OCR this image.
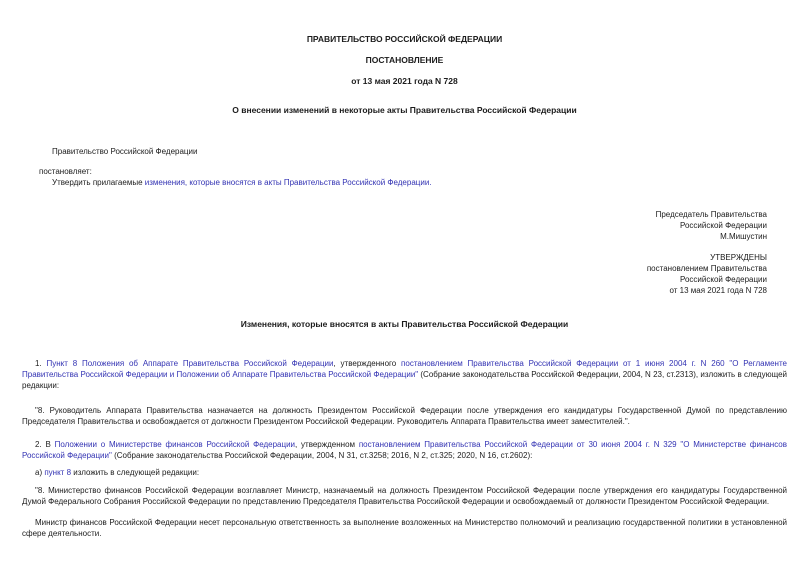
ПРАВИТЕЛЬСТВО РОССИЙСКОЙ ФЕДЕРАЦИИ

ПОСТАНОВЛЕНИЕ

от 13 мая 2021 года N 728

О внесении изменений в некоторые акты Правительства Российской Федерации

Правительство Российской Федерации

постановляет:

Утвердить прилагаемые изменения, которые вносятся в акты Правительства Российской Федерации.

Председатель Правительства

Российской Федерации

М.Мишустин

УТВЕРЖДЕНЫ

постановлением Правительства

Российской Федерации

от 13 мая 2021 года N 728

Изменения, которые вносятся в акты Правительства Российской Федерации

1. Пункт 8 Положения об Аппарате Правительства Российской Федерации, утвержденного постановлением Правительства Российской Федерации от 1 июня 2004 г. N 260 "О Регламенте Правительства Российской Федерации и Положении об Аппарате Правительства Российской Федерации" (Собрание законодательства Российской Федерации, 2004, N 23, ст.2313), изложить в следующей редакции:

"8. Руководитель Аппарата Правительства назначается на должность Президентом Российской Федерации после утверждения его кандидатуры Государственной Думой по представлению Председателя Правительства и освобождается от должности Президентом Российской Федерации. Руководитель Аппарата Правительства имеет заместителей.".

2. В Положении о Министерстве финансов Российской Федерации, утвержденном постановлением Правительства Российской Федерации от 30 июня 2004 г. N 329 "О Министерстве финансов Российской Федерации" (Собрание законодательства Российской Федерации, 2004, N 31, ст.3258; 2016, N 2, ст.325; 2020, N 16, ст.2602):

а) пункт 8 изложить в следующей редакции:

"8. Министерство финансов Российской Федерации возглавляет Министр, назначаемый на должность Президентом Российской Федерации после утверждения его кандидатуры Государственной Думой Федерального Собрания Российской Федерации по представлению Председателя Правительства Российской Федерации и освобождаемый от должности Президентом Российской Федерации.

Министр финансов Российской Федерации несет персональную ответственность за выполнение возложенных на Министерство полномочий и реализацию государственной политики в установленной сфере деятельности.
